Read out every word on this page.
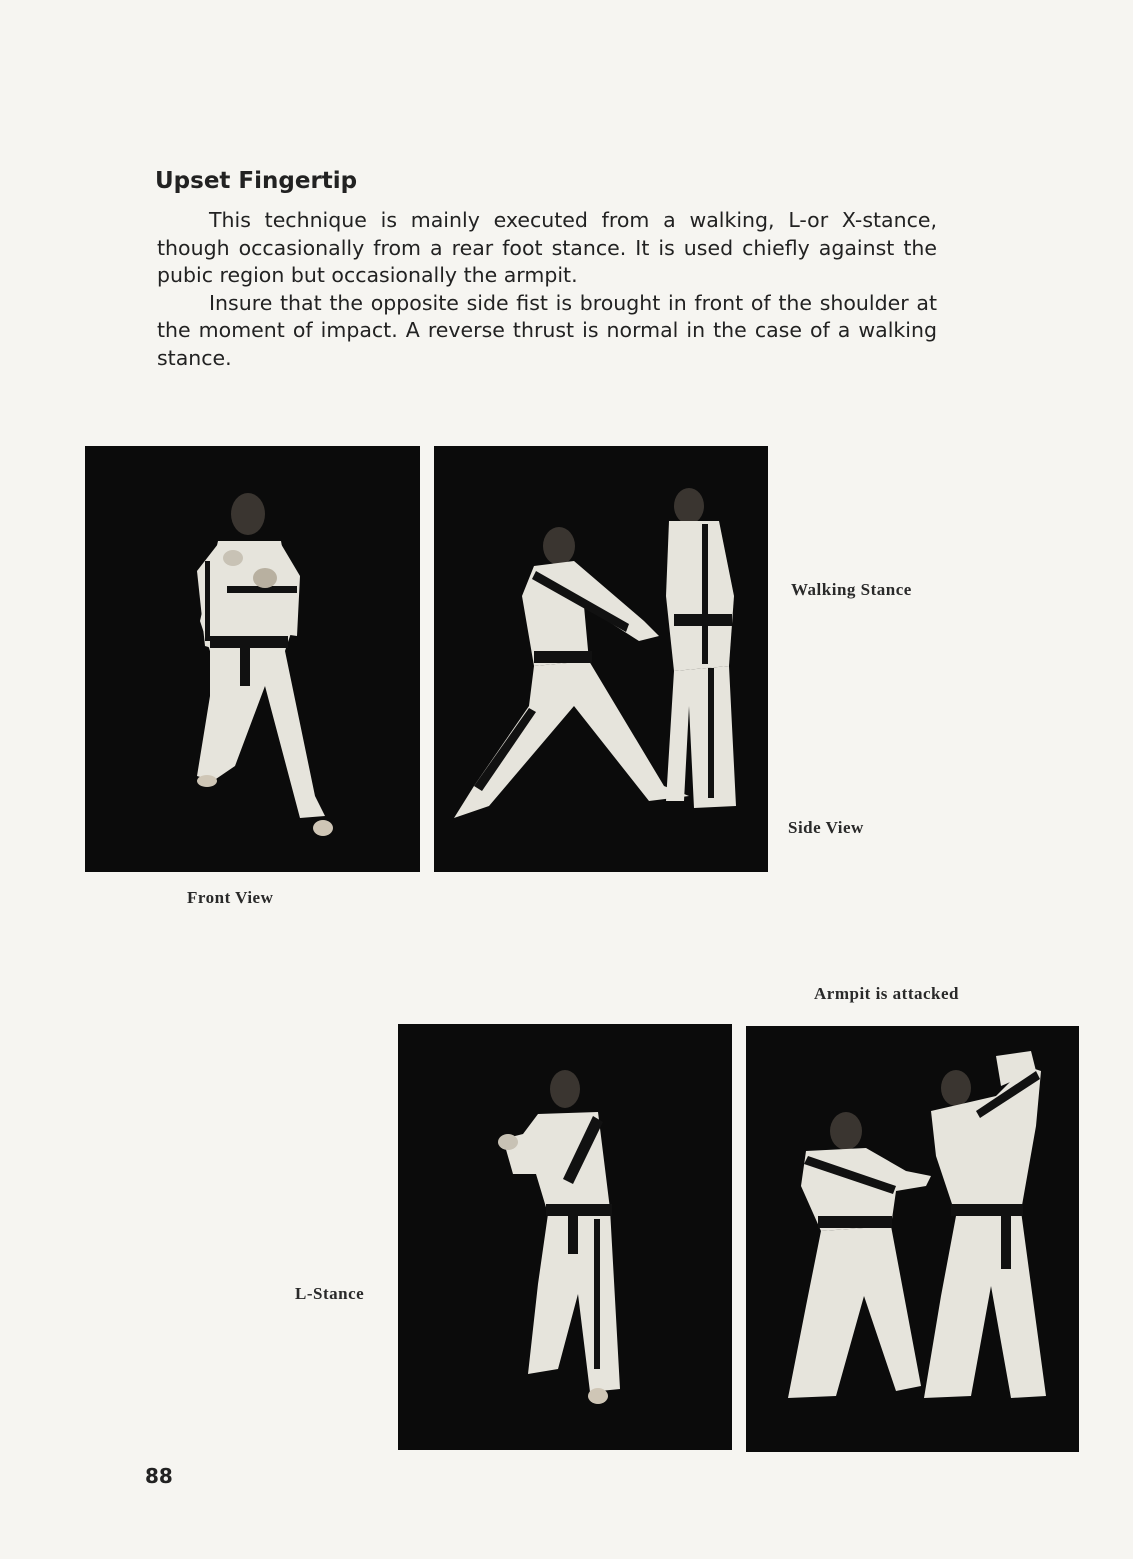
Upset Fingertip

This technique is mainly executed from a walking, L-or X-stance, though occasionally from a rear foot stance. It is used chiefly against the pubic region but occasionally the armpit.

Insure that the opposite side fist is brought in front of the shoulder at the moment of impact. A reverse thrust is normal in the case of a walking stance.

Walking Stance
Side View
Front View
Armpit is attacked
L-Stance
88
